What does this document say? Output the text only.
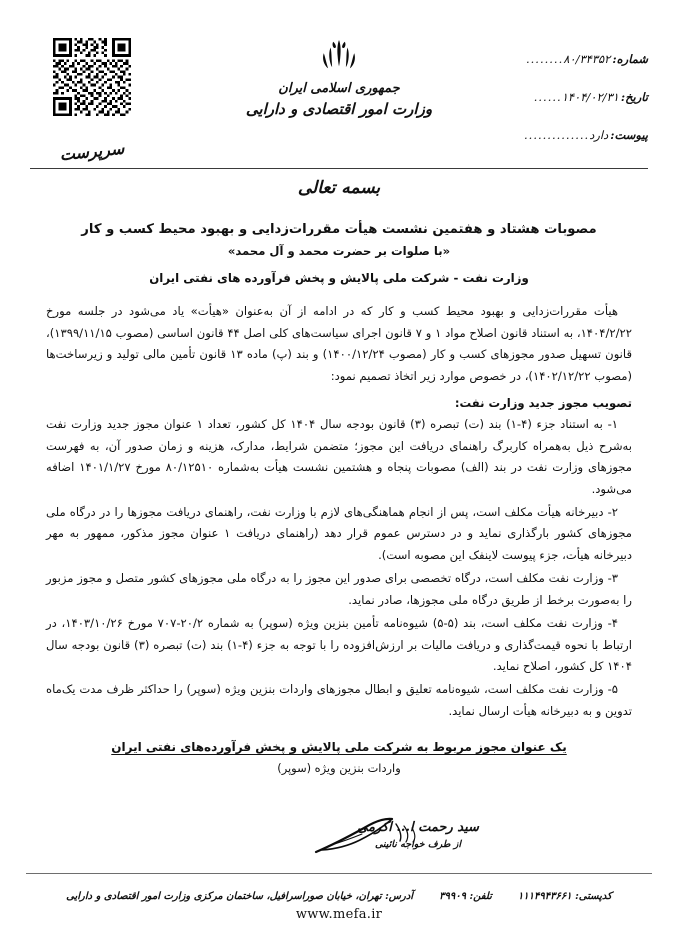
شماره:
۸۰/۳۴۳۵۲
........
تاریخ:
۱۴۰۴/۰۲/۳۱
......
پیوست:
دارد
..............
جمهوری اسلامی ایران
وزارت امور اقتصادی و دارایی
سرپرست
بسمه تعالی
مصوبات هشتاد و هفتمین نشست هیأت مقررات‌زدایی و بهبود محیط کسب و کار
«با صلوات بر حضرت محمد و آل محمد»
وزارت نفت - شرکت ملی پالایش و پخش فرآورده های نفتی ایران

هیأت مقررات‌زدایی و بهبود محیط کسب و کار که در ادامه از آن به‌عنوان «هیأت» یاد می‌شود در جلسه مورخ ۱۴۰۴/۲/۲۲، به استناد قانون اصلاح مواد ۱ و ۷ قانون اجرای سیاست‌های کلی اصل ۴۴ قانون اساسی (مصوب ۱۳۹۹/۱۱/۱۵)، قانون تسهیل صدور مجوزهای کسب و کار (مصوب ۱۴۰۰/۱۲/۲۴) و بند (پ) ماده ۱۳ قانون تأمین مالی تولید و زیرساخت‌ها (مصوب ۱۴۰۲/۱۲/۲۲)، در خصوص موارد زیر اتخاذ تصمیم نمود:

تصویب مجوز جدید وزارت نفت:

۱- به استناد جزء (۴-۱) بند (ت) تبصره (۳) قانون بودجه سال ۱۴۰۴ کل کشور، تعداد ۱ عنوان مجوز جدید وزارت نفت به‌شرح ذیل به‌همراه کاربرگ راهنمای دریافت این مجوز؛ متضمن شرایط، مدارک، هزینه و زمان صدور آن، به فهرست مجوزهای وزارت نفت در بند (الف) مصوبات پنجاه و هشتمین نشست هیأت به‌شماره ۸۰/۱۲۵۱۰ مورخ ۱۴۰۱/۱/۲۷ اضافه می‌شود.

۲- دبیرخانه هیأت مکلف است، پس از انجام هماهنگی‌های لازم با وزارت نفت، راهنمای دریافت مجوزها را در درگاه ملی مجوزهای کشور بارگذاری نماید و در دسترس عموم قرار دهد (راهنمای دریافت ۱ عنوان مجوز مذکور، ممهور به مهر دبیرخانه هیأت، جزء پیوست لاینفک این مصوبه است).

۳- وزارت نفت مکلف است، درگاه تخصصی برای صدور این مجوز را به درگاه ملی مجوزهای کشور متصل و مجوز مزبور را به‌صورت برخط از طریق درگاه ملی مجوزها، صادر نماید.

۴- وزارت نفت مکلف است، بند (۵-۵) شیوه‌نامه تأمین بنزین ویژه (سوپر) به شماره ۲۰/۲-۷۰۷ مورخ ۱۴۰۳/۱۰/۲۶، در ارتباط با نحوه قیمت‌گذاری و دریافت مالیات بر ارزش‌افزوده را با توجه به جزء (۴-۱) بند (ت) تبصره (۳) قانون بودجه سال ۱۴۰۴ کل کشور، اصلاح نماید.

۵- وزارت نفت مکلف است، شیوه‌نامه تعلیق و ابطال مجوزهای واردات بنزین ویژه (سوپر) را حداکثر ظرف مدت یک‌ماه تدوین و به دبیرخانه هیأت ارسال نماید.

یک عنوان مجوز مربوط به شرکت ملی پالایش و پخش فرآورده‌های نفتی ایران
واردات بنزین ویژه (سوپر)
سید رحمت ا... اکرمی
از طرف خواجه نائینی
کدپستی: ۱۱۱۴۹۴۳۶۶۱
تلفن: ۳۹۹۰۹
آدرس: تهران، خیابان صوراسرافیل، ساختمان مرکزی وزارت امور اقتصادی و دارایی
www.mefa.ir
